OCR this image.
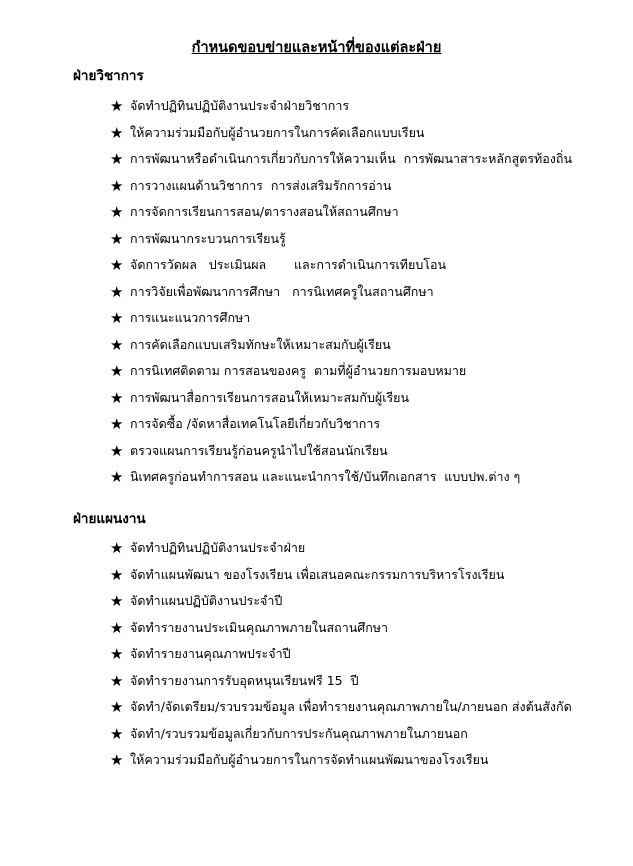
กำหนดขอบข่ายและหน้าที่ของแต่ละฝ่าย
ฝ่ายวิชาการ
★ จัดทำปฏิทินปฏิบัติงานประจำฝ่ายวิชาการ
★ ให้ความร่วมมือกับผู้อำนวยการในการคัดเลือกแบบเรียน
★ การพัฒนาหรือดำเนินการเกี่ยวกับการให้ความเห็น  การพัฒนาสาระหลักสูตรท้องถิ่น
★ การวางแผนด้านวิชาการ  การส่งเสริมรักการอ่าน
★ การจัดการเรียนการสอน/ตารางสอนให้สถานศึกษา
★ การพัฒนากระบวนการเรียนรู้
★ จัดการวัดผล   ประเมินผล       และการดำเนินการเทียบโอน
★ การวิจัยเพื่อพัฒนาการศึกษา   การนิเทศครูในสถานศึกษา
★ การแนะแนวการศึกษา
★ การคัดเลือกแบบเสริมทักษะให้เหมาะสมกับผู้เรียน
★ การนิเทศติดตาม การสอนของครู  ตามที่ผู้อำนวยการมอบหมาย
★ การพัฒนาสื่อการเรียนการสอนให้เหมาะสมกับผู้เรียน
★ การจัดซื้อ /จัดหาสื่อเทคโนโลยีเกี่ยวกับวิชาการ
★ ตรวจแผนการเรียนรู้ก่อนครูนำไปใช้สอนนักเรียน
★ นิเทศครูก่อนทำการสอน และแนะนำการใช้/บันทึกเอกสาร  แบบปพ.ต่าง ๆ
ฝ่ายแผนงาน
★ จัดทำปฏิทินปฏิบัติงานประจำฝ่าย
★ จัดทำแผนพัฒนา ของโรงเรียน เพื่อเสนอคณะกรรมการบริหารโรงเรียน
★ จัดทำแผนปฏิบัติงานประจำปี
★ จัดทำรายงานประเมินคุณภาพภายในสถานศึกษา
★ จัดทำรายงานคุณภาพประจำปี
★ จัดทำรายงานการรับอุดหนุนเรียนฟรี 15  ปี
★ จัดทำ/จัดเตรียม/รวบรวมข้อมูล เพื่อทำรายงานคุณภาพภายใน/ภายนอก ส่งต้นสังกัด
★ จัดทำ/รวบรวมข้อมูลเกี่ยวกับการประกันคุณภาพภายในภายนอก
★ ให้ความร่วมมือกับผู้อำนวยการในการจัดทำแผนพัฒนาของโรงเรียน
